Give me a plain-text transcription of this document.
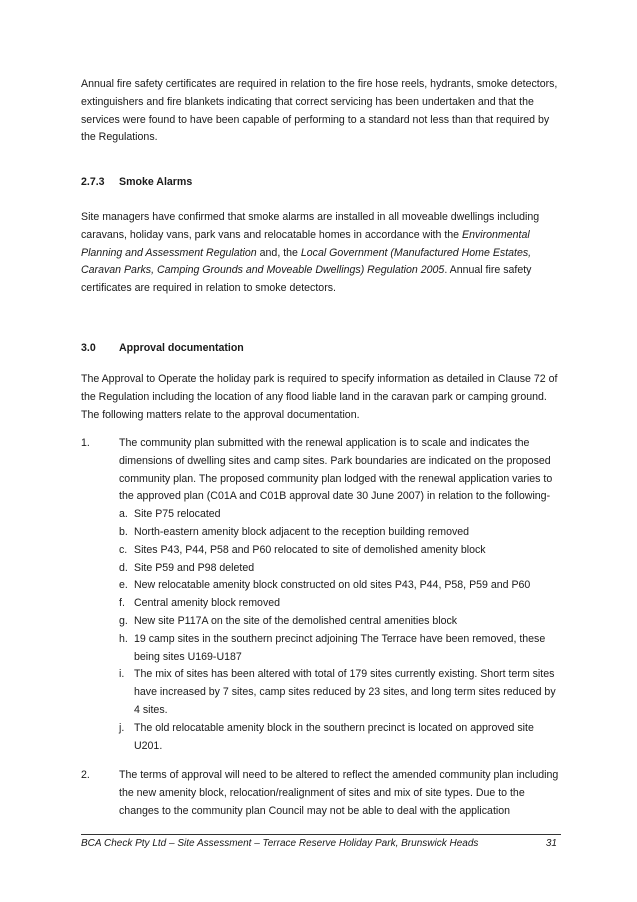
Annual fire safety certificates are required in relation to the fire hose reels, hydrants, smoke detectors, extinguishers and fire blankets indicating that correct servicing has been undertaken and that the services were found to have been capable of performing to a standard not less than that required by the Regulations.

2.7.3 Smoke Alarms

Site managers have confirmed that smoke alarms are installed in all moveable dwellings including caravans, holiday vans, park vans and relocatable homes in accordance with the Environmental Planning and Assessment Regulation and, the Local Government (Manufactured Home Estates, Caravan Parks, Camping Grounds and Moveable Dwellings) Regulation 2005. Annual fire safety certificates are required in relation to smoke detectors.

3.0 Approval documentation

The Approval to Operate the holiday park is required to specify information as detailed in Clause 72 of the Regulation including the location of any flood liable land in the caravan park or camping ground. The following matters relate to the approval documentation.

1.	The community plan submitted with the renewal application is to scale and indicates the dimensions of dwelling sites and camp sites. Park boundaries are indicated on the proposed community plan. The proposed community plan lodged with the renewal application varies to the approved plan (C01A and C01B approval date 30 June 2007) in relation to the following-
a. Site P75 relocated
b. North-eastern amenity block adjacent to the reception building removed
c. Sites P43, P44, P58 and P60 relocated to site of demolished amenity block
d. Site P59 and P98 deleted
e. New relocatable amenity block constructed on old sites P43, P44, P58, P59 and P60
f. Central amenity block removed
g. New site P117A on the site of the demolished central amenities block
h. 19 camp sites in the southern precinct adjoining The Terrace have been removed, these being sites U169-U187
i. The mix of sites has been altered with total of 179 sites currently existing. Short term sites have increased by 7 sites, camp sites reduced by 23 sites, and long term sites reduced by 4 sites.
j. The old relocatable amenity block in the southern precinct is located on approved site U201.
2.	The terms of approval will need to be altered to reflect the amended community plan including the new amenity block, relocation/realignment of sites and mix of site types. Due to the changes to the community plan Council may not be able to deal with the application
BCA Check Pty Ltd – Site Assessment – Terrace Reserve Holiday Park, Brunswick Heads	31
